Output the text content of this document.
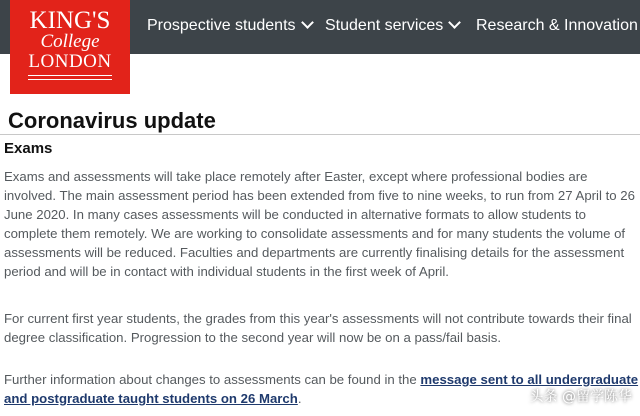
Prospective students	Student services	Research & Innovation
KING'S
College
LONDON
Coronavirus update
Exams

Exams and assessments will take place remotely after Easter, except where professional bodies are involved. The main assessment period has been extended from five to nine weeks, to run from 27 April to 26 June 2020. In many cases assessments will be conducted in alternative formats to allow students to complete them remotely. We are working to consolidate assessments and for many students the volume of assessments will be reduced. Faculties and departments are currently finalising details for the assessment period and will be in contact with individual students in the first week of April.

For current first year students, the grades from this year's assessments will not contribute towards their final degree classification. Progression to the second year will now be on a pass/fail basis.

Further information about changes to assessments can be found in the message sent to all undergraduate and postgraduate taught students on 26 March.	头条 @留学陈华
